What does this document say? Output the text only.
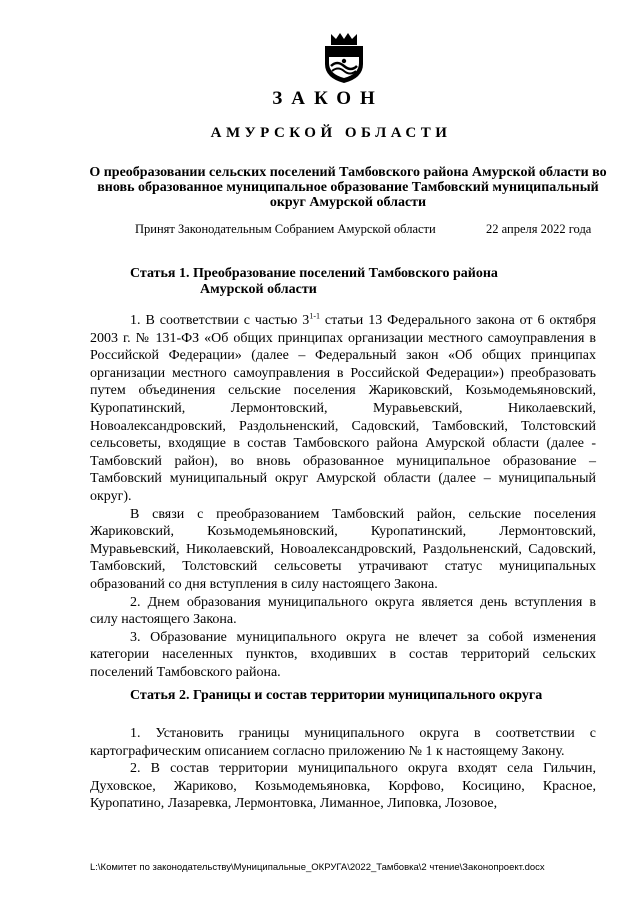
ЗАКОН
АМУРСКОЙ ОБЛАСТИ
О преобразовании сельских поселений Тамбовского района Амурской области во вновь образованное муниципальное образование Тамбовский муниципальный округ Амурской области
Принят Законодательным Собранием Амурской области	22 апреля 2022 года
Статья 1. Преобразование поселений Тамбовского района
Амурской области

1. В соответствии с частью 3$^{1-1}$ статьи 13 Федерального закона от 6 октября 2003 г. № 131-ФЗ «Об общих принципах организации местного самоуправления в Российской Федерации» (далее – Федеральный закон «Об общих принципах организации местного самоуправления в Российской Федерации») преобразовать путем объединения сельские поселения Жариковский, Козьмодемьяновский, Куропатинский, Лермонтовский, Муравьевский, Николаевский, Новоалександровский, Раздольненский, Садовский, Тамбовский, Толстовский сельсоветы, входящие в состав Тамбовского района Амурской области (далее - Тамбовский район), во вновь образованное муниципальное образование – Тамбовский муниципальный округ Амурской области (далее – муниципальный округ).

В связи с преобразованием Тамбовский район, сельские поселения Жариковский, Козьмодемьяновский, Куропатинский, Лермонтовский, Муравьевский, Николаевский, Новоалександровский, Раздольненский, Садовский, Тамбовский, Толстовский сельсоветы утрачивают статус муниципальных образований со дня вступления в силу настоящего Закона.

2. Днем образования муниципального округа является день вступления в силу настоящего Закона.

3. Образование муниципального округа не влечет за собой изменения категории населенных пунктов, входивших в состав территорий сельских поселений Тамбовского района.

Статья 2. Границы и состав территории муниципального округа

1. Установить границы муниципального округа в соответствии с картографическим описанием согласно приложению № 1 к настоящему Закону.

2. В состав территории муниципального округа входят села Гильчин, Духовское, Жариково, Козьмодемьяновка, Корфово, Косицино, Красное, Куропатино, Лазаревка, Лермонтовка, Лиманное, Липовка, Лозовое,

L:\Комитет по законодательству\Муниципальные_ОКРУГА\2022_Тамбовка\2 чтение\Законопроект.docx
